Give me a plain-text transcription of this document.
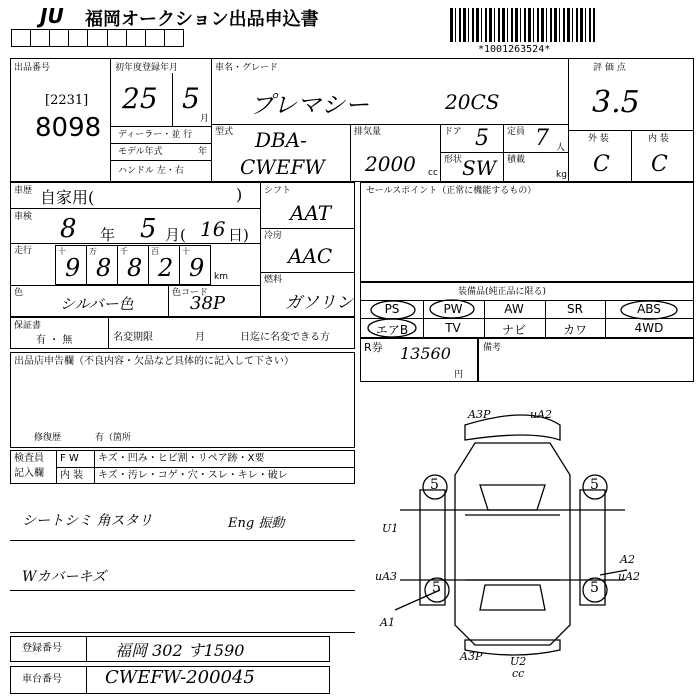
JU 福岡オークション出品申込書
*1001263524*
出品番号
[2231]
8098
初年度登録年月
25 5
月
ディーラー・並 行
モデル年式	年
ハンドル 左・右
車名・グレード
プレマシー	20CS
評 価 点
3.5
外 装	内 装
C C
型式 DBA-
CWEFW
排気量
2000 cc
ドア 5 定員 7 人
形状 SW 積載
kg
車歴 自家用(	)
車検 8 年 5 月( 16 日)
走行	十
9
万
8
千
8
百
2
十
9 km
色
シルバー色
色コード
38P
シフト
AAT
冷房
AAC
燃料
ガソリン
セールスポイント（正常に機能するもの）
装備品(純正品に限る)
PS	PW	AW	SR	ABS
エアB	TV	ナビ	カワ	4WD
保証書
有 ・ 無	名変期限	月	日迄に名変できる方
R券 13560
円
備考
出品店申告欄（不良内容・欠品など具体的に記入して下さい）
修復歴	有（箇所
検査員
記入欄
F W キズ・凹み・ヒビ割・リペア跡・X要
内 装 キズ・汚レ・コゲ・穴・スレ・キレ・破レ
シートシミ 角スタリ	Eng 振動
Wカバーキズ
登録番号	福岡 302 す1590
車台番号 CWEFW-200045
5	5
5	5
A3P	uA2
U1
uA3
A2
uA2
A1
A3P	U2
cc
